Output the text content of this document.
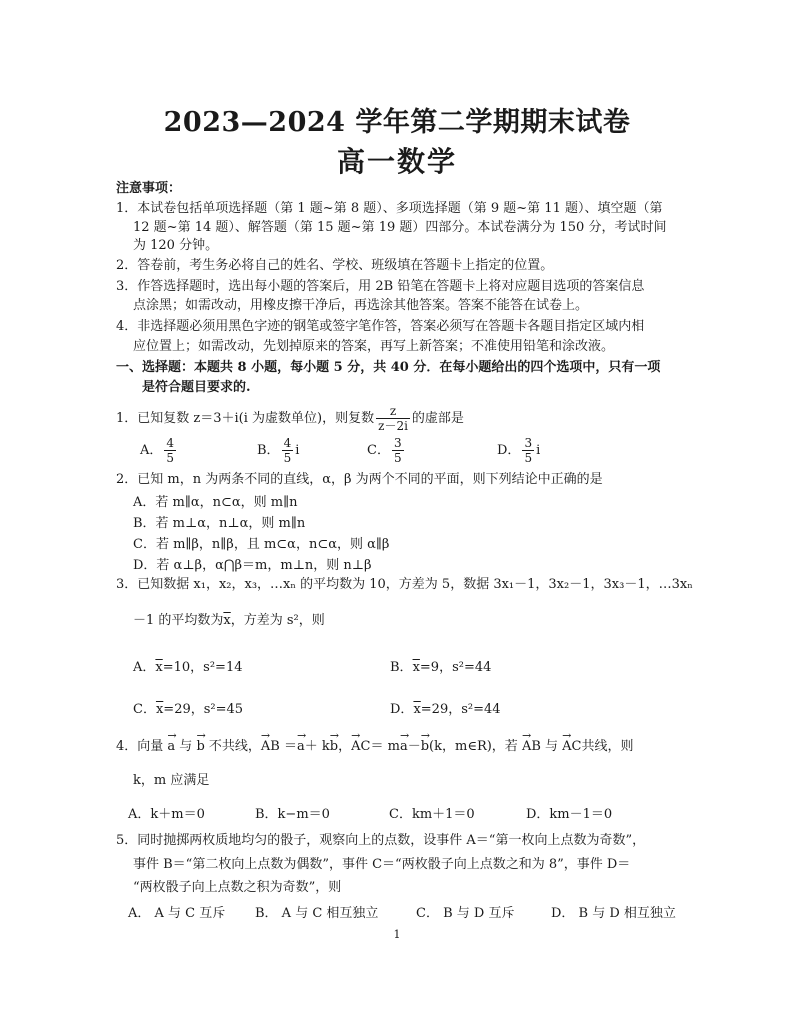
2023—2024 学年第二学期期末试卷
高一数学
注意事项：
1．本试卷包括单项选择题（第 1 题~第 8 题）、多项选择题（第 9 题~第 11 题）、填空题（第
12 题~第 14 题）、解答题（第 15 题~第 19 题）四部分。本试卷满分为 150 分，考试时间
为 120 分钟。
2．答卷前，考生务必将自己的姓名、学校、班级填在答题卡上指定的位置。
3．作答选择题时，选出每小题的答案后，用 2B 铅笔在答题卡上将对应题目选项的答案信息
点涂黑；如需改动，用橡皮擦干净后，再选涂其他答案。答案不能答在试卷上。
4．非选择题必须用黑色字迹的钢笔或签字笔作答，答案必须写在答题卡各题目指定区域内相
应位置上；如需改动，先划掉原来的答案，再写上新答案；不准使用铅笔和涂改液。
一、选择题：本题共 8 小题，每小题 5 分，共 40 分．在每小题给出的四个选项中，只有一项
是符合题目要求的.
1．已知复数 z＝3＋i(i 为虚数单位)，则复数 $\frac{z}{z-2i}$ 的虚部是
A． $\frac{4}{5}$	B． $\frac{4}{5}$ i	C． $\frac{3}{5}$	D． $\frac{3}{5}$ i
2．已知 m，n 为两条不同的直线，α，β 为两个不同的平面，则下列结论中正确的是
A．若 m∥α，n⊂α，则 m∥n
B．若 m⊥α，n⊥α，则 m∥n
C．若 m∥β，n∥β，且 m⊂α，n⊂α，则 α∥β
D．若 α⊥β，α⋂β＝m，m⊥n，则 n⊥β
3．已知数据 x₁，x₂，x₃，…xₙ 的平均数为 10，方差为 5，数据 3x₁－1，3x₂－1，3x₃－1，…3xₙ
－1 的平均数为$\overline{x}$，方差为 s²，则
A．$\overline{x}=10$，s²=14	B．$\overline{x}=9$，s²=44
C．$\overline{x}=29$，s²=45	D．$\overline{x}=29$，s²=44
4．向量 → a 与 → b 不共线，→ AB ＝→ a＋ k→ b，→ AC＝ m→ a－→ b(k，m∈R)，若 → AB 与 → AC共线，则
k，m 应满足
A．k＋m＝0	B．k−m＝0	C．km＋1＝0	D．km－1＝0
5．同时抛掷两枚质地均匀的骰子，观察向上的点数，设事件 A＝“第一枚向上点数为奇数”，
事件 B＝“第二枚向上点数为偶数”，事件 C＝“两枚骰子向上点数之和为 8”，事件 D＝
“两枚骰子向上点数之积为奇数”，则
A． A 与 C 互斥 B． A 与 C 相互独立	C． B 与 D 互斥	D． B 与 D 相互独立
1
